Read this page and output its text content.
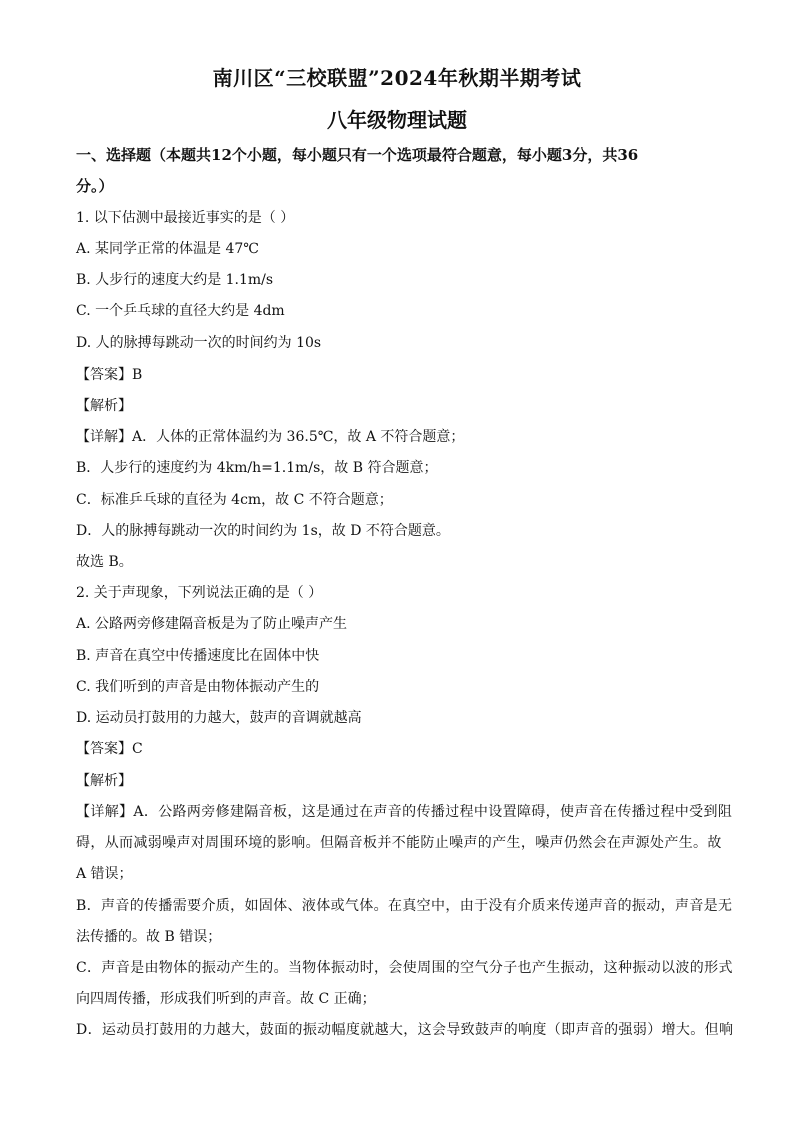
南川区“三校联盟”2024年秋期半期考试
八年级物理试题
一、选择题（本题共12个小题，每小题只有一个选项最符合题意，每小题3分，共36
分。）
1. 以下估测中最接近事实的是（ ）
A. 某同学正常的体温是 47℃
B. 人步行的速度大约是 1.1m/s
C. 一个乒乓球的直径大约是 4dm
D. 人的脉搏每跳动一次的时间约为 10s
【答案】B
【解析】
【详解】A．人体的正常体温约为 36.5℃，故 A 不符合题意；
B．人步行的速度约为 4km/h=1.1m/s，故 B 符合题意；
C．标准乒乓球的直径为 4cm，故 C 不符合题意；
D．人的脉搏每跳动一次的时间约为 1s，故 D 不符合题意。
故选 B。
2. 关于声现象，下列说法正确的是（ ）
A. 公路两旁修建隔音板是为了防止噪声产生
B. 声音在真空中传播速度比在固体中快
C. 我们听到的声音是由物体振动产生的
D. 运动员打鼓用的力越大，鼓声的音调就越高
【答案】C
【解析】
【详解】A．公路两旁修建隔音板，这是通过在声音的传播过程中设置障碍，使声音在传播过程中受到阻
碍，从而减弱噪声对周围环境的影响。但隔音板并不能防止噪声的产生，噪声仍然会在声源处产生。故
A 错误；
B．声音的传播需要介质，如固体、液体或气体。在真空中，由于没有介质来传递声音的振动，声音是无
法传播的。故 B 错误；
C．声音是由物体的振动产生的。当物体振动时，会使周围的空气分子也产生振动，这种振动以波的形式
向四周传播，形成我们听到的声音。故 C 正确；
D．运动员打鼓用的力越大，鼓面的振动幅度就越大，这会导致鼓声的响度（即声音的强弱）增大。但响
